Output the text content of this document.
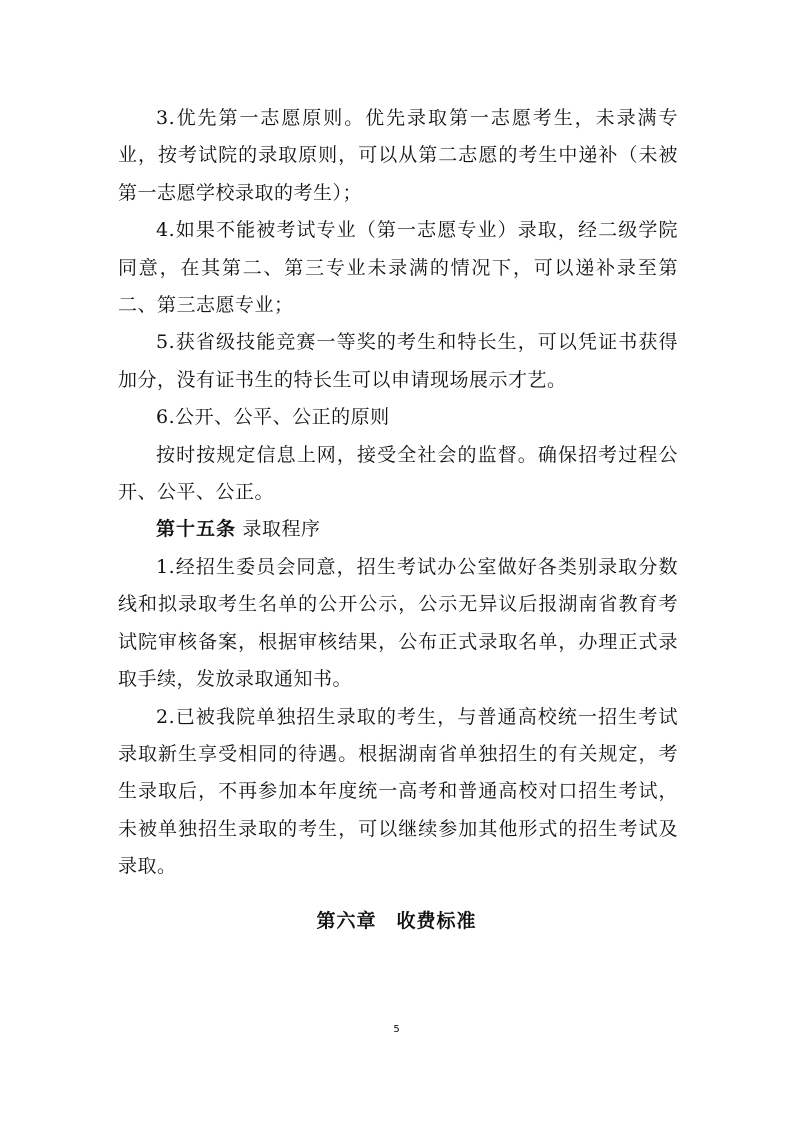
3.优先第一志愿原则。优先录取第一志愿考生，未录满专业，按考试院的录取原则，可以从第二志愿的考生中递补（未被第一志愿学校录取的考生）；

4.如果不能被考试专业（第一志愿专业）录取，经二级学院同意，在其第二、第三专业未录满的情况下，可以递补录至第二、第三志愿专业；

5.获省级技能竞赛一等奖的考生和特长生，可以凭证书获得加分，没有证书生的特长生可以申请现场展示才艺。

6.公开、公平、公正的原则

按时按规定信息上网，接受全社会的监督。确保招考过程公开、公平、公正。

第十五条 录取程序

1.经招生委员会同意，招生考试办公室做好各类别录取分数线和拟录取考生名单的公开公示，公示无异议后报湖南省教育考试院审核备案，根据审核结果，公布正式录取名单，办理正式录取手续，发放录取通知书。

2.已被我院单独招生录取的考生，与普通高校统一招生考试录取新生享受相同的待遇。根据湖南省单独招生的有关规定，考生录取后，不再参加本年度统一高考和普通高校对口招生考试，未被单独招生录取的考生，可以继续参加其他形式的招生考试及录取。

第六章　收费标准
5
